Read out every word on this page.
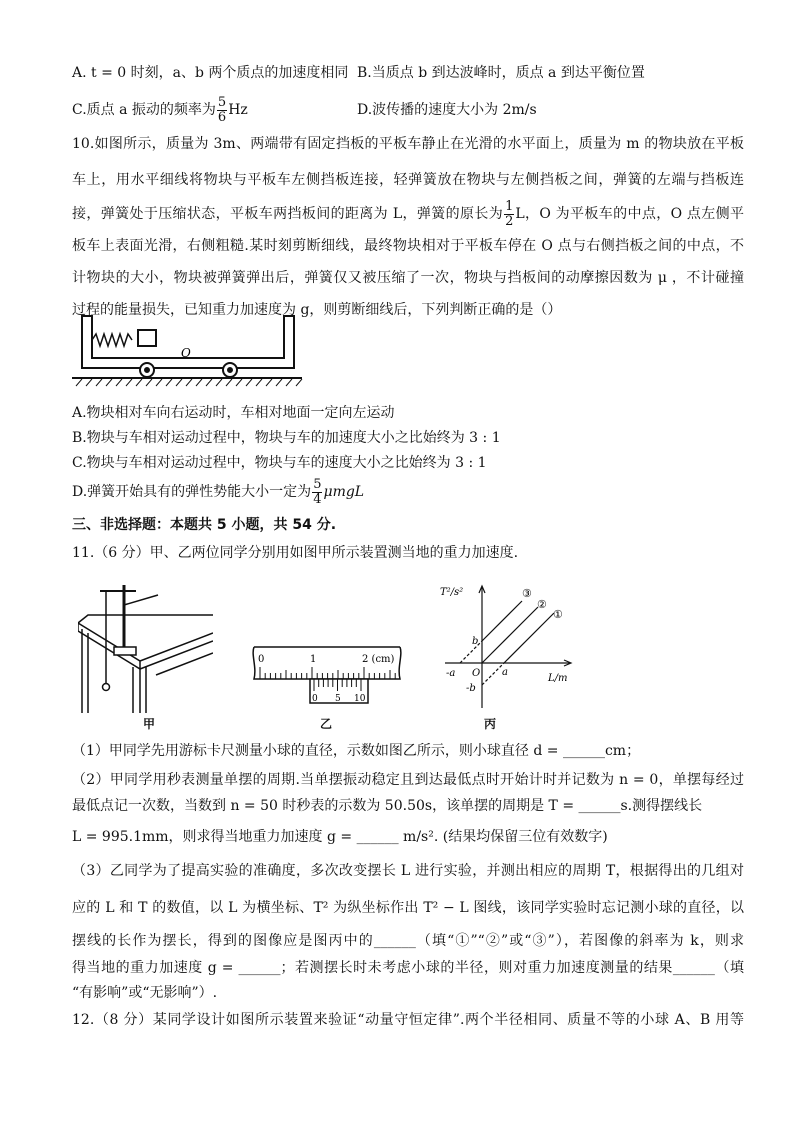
A. t = 0 时刻，a、b 两个质点的加速度相同 B.当质点 b 到达波峰时，质点 a 到达平衡位置
C.质点 a 振动的频率为 $\frac{5}{6}$ Hz	D.波传播的速度大小为 2m/s
10.如图所示，质量为 3m、两端带有固定挡板的平板车静止在光滑的水平面上，质量为 m 的物块放在平板
车上，用水平细线将物块与平板车左侧挡板连接，轻弹簧放在物块与左侧挡板之间，弹簧的左端与挡板连
接，弹簧处于压缩状态，平板车两挡板间的距离为 L，弹簧的原长为 $\frac{1}{2}$ L，O 为平板车的中点，O 点左侧平
板车上表面光滑，右侧粗糙.某时刻剪断细线，最终物块相对于平板车停在 O 点与右侧挡板之间的中点，不
计物块的大小，物块被弹簧弹出后，弹簧仅又被压缩了一次，物块与挡板间的动摩擦因数为 μ ，不计碰撞
过程的能量损失，已知重力加速度为 g，则剪断细线后，下列判断正确的是（）
O
A.物块相对车向右运动时，车相对地面一定向左运动
B.物块与车相对运动过程中，物块与车的加速度大小之比始终为 3 : 1
C.物块与车相对运动过程中，物块与车的速度大小之比始终为 3 : 1
D.弹簧开始具有的弹性势能大小一定为 $\frac{5}{4}$ μmgL
三、非选择题：本题共 5 小题，共 54 分.
11.（6 分）甲、乙两位同学分别用如图甲所示装置测当地的重力加速度.
甲
0	1	2 (cm)
0 5 10
乙
T²/s²
L/m
b
-a O a
-b
③
②
①
丙
（1）甲同学先用游标卡尺测量小球的直径，示数如图乙所示，则小球直径 d = ______cm；
（2）甲同学用秒表测量单摆的周期.当单摆振动稳定且到达最低点时开始计时并记数为 n = 0，单摆每经过
最低点记一次数，当数到 n = 50 时秒表的示数为 50.50s，该单摆的周期是 T = ______s.测得摆线长
L = 995.1mm，则求得当地重力加速度 g = ______ m/s². (结果均保留三位有效数字)
（3）乙同学为了提高实验的准确度，多次改变摆长 L 进行实验，并测出相应的周期 T，根据得出的几组对
应的 L 和 T 的数值，以 L 为横坐标、T² 为纵坐标作出 T² − L 图线，该同学实验时忘记测小球的直径，以
摆线的长作为摆长，得到的图像应是图丙中的______（填“①”“②”或“③”），若图像的斜率为 k，则求
得当地的重力加速度 g = ______；若测摆长时未考虑小球的半径，则对重力加速度测量的结果______（填
“有影响”或“无影响”）.
12.（8 分）某同学设计如图所示装置来验证“动量守恒定律”.两个半径相同、质量不等的小球 A、B 用等
